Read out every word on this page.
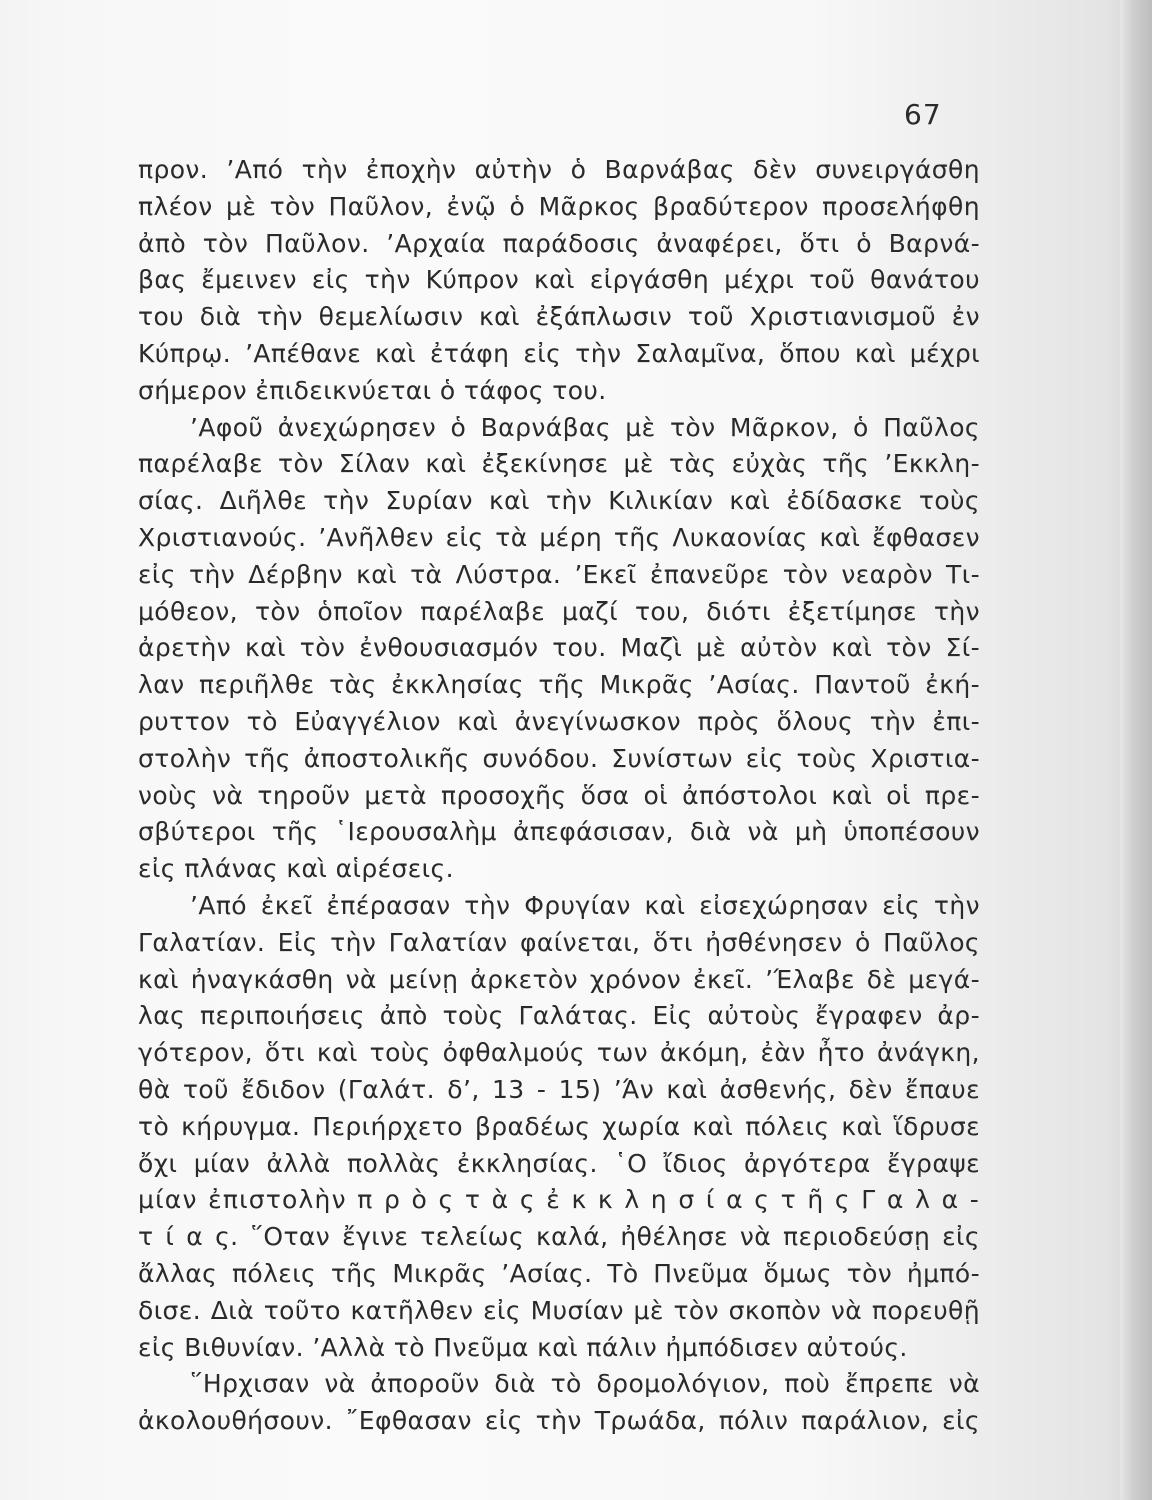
67
προν. ’Από τὴν ἐποχὴν αὐτὴν ὁ Βαρνάβας δὲν συνειργάσθη
πλέον μὲ τὸν Παῦλον, ἐνῷ ὁ Μᾶρκος βραδύτερον προσελήφθη
ἀπὸ τὸν Παῦλον. ’Αρχαία παράδοσις ἀναφέρει, ὅτι ὁ Βαρνά-
βας ἔμεινεν εἰς τὴν Κύπρον καὶ εἰργάσθη μέχρι τοῦ θανάτου
του διὰ τὴν θεμελίωσιν καὶ ἐξάπλωσιν τοῦ Χριστιανισμοῦ ἐν
Κύπρῳ. ’Απέθανε καὶ ἐτάφη εἰς τὴν Σαλαμῖνα, ὅπου καὶ μέχρι
σήμερον ἐπιδεικνύεται ὁ τάφος του.
’Αφοῦ ἀνεχώρησεν ὁ Βαρνάβας μὲ τὸν Μᾶρκον, ὁ Παῦλος
παρέλαβε τὸν Σίλαν καὶ ἐξεκίνησε μὲ τὰς εὐχὰς τῆς ’Εκκλη-
σίας. Διῆλθε τὴν Συρίαν καὶ τὴν Κιλικίαν καὶ ἐδίδασκε τοὺς
Χριστιανούς. ’Ανῆλθεν εἰς τὰ μέρη τῆς Λυκαονίας καὶ ἔφθασεν
εἰς τὴν Δέρβην καὶ τὰ Λύστρα. ’Εκεῖ ἐπανεῦρε τὸν νεαρὸν Τι-
μόθεον, τὸν ὁποῖον παρέλαβε μαζί του, διότι ἐξετίμησε τὴν
ἀρετὴν καὶ τὸν ἐνθουσιασμόν του. Μαζὶ μὲ αὐτὸν καὶ τὸν Σί-
λαν περιῆλθε τὰς ἐκκλησίας τῆς Μικρᾶς ’Ασίας. Παντοῦ ἐκή-
ρυττον τὸ Εὐαγγέλιον καὶ ἀνεγίνωσκον πρὸς ὅλους τὴν ἐπι-
στολὴν τῆς ἀποστολικῆς συνόδου. Συνίστων εἰς τοὺς Χριστια-
νοὺς νὰ τηροῦν μετὰ προσοχῆς ὅσα οἱ ἀπόστολοι καὶ οἱ πρε-
σβύτεροι τῆς ῾Ιερουσαλὴμ ἀπεφάσισαν, διὰ νὰ μὴ ὑποπέσουν
εἰς πλάνας καὶ αἱρέσεις.
’Από ἐκεῖ ἐπέρασαν τὴν Φρυγίαν καὶ εἰσεχώρησαν εἰς τὴν
Γαλατίαν. Εἰς τὴν Γαλατίαν φαίνεται, ὅτι ἠσθένησεν ὁ Παῦλος
καὶ ἠναγκάσθη νὰ μείνῃ ἀρκετὸν χρόνον ἐκεῖ. ’Έλαβε δὲ μεγά-
λας περιποιήσεις ἀπὸ τοὺς Γαλάτας. Εἰς αὐτοὺς ἔγραφεν ἀρ-
γότερον, ὅτι καὶ τοὺς ὀφθαλμούς των ἀκόμη, ἐὰν ἦτο ἀνάγκη,
θὰ τοῦ ἔδιδον (Γαλάτ. δ’, 13 - 15) ’Άν καὶ ἀσθενής, δὲν ἔπαυε
τὸ κήρυγμα. Περιήρχετο βραδέως χωρία καὶ πόλεις καὶ ἵδρυσε
ὄχι μίαν ἀλλὰ πολλὰς ἐκκλησίας. ῾Ο ἴδιος ἀργότερα ἔγραψε
μίαν ἐπιστολὴν π ρ ὸ ς τ ὰ ς ἐ κ κ λ η σ ί α ς τ ῆ ς Γ α λ α -
τ ί α ς. ῞Οταν ἔγινε τελείως καλά, ἠθέλησε νὰ περιοδεύσῃ εἰς
ἄλλας πόλεις τῆς Μικρᾶς ’Ασίας. Τὸ Πνεῦμα ὅμως τὸν ἠμπό-
δισε. Διὰ τοῦτο κατῆλθεν εἰς Μυσίαν μὲ τὸν σκοπὸν νὰ πορευθῇ
εἰς Βιθυνίαν. ’Αλλὰ τὸ Πνεῦμα καὶ πάλιν ἠμπόδισεν αὐτούς.
῞Ηρχισαν νὰ ἀποροῦν διὰ τὸ δρομολόγιον, ποὺ ἔπρεπε νὰ
ἀκολουθήσουν. ῎Εφθασαν εἰς τὴν Τρωάδα, πόλιν παράλιον, εἰς
